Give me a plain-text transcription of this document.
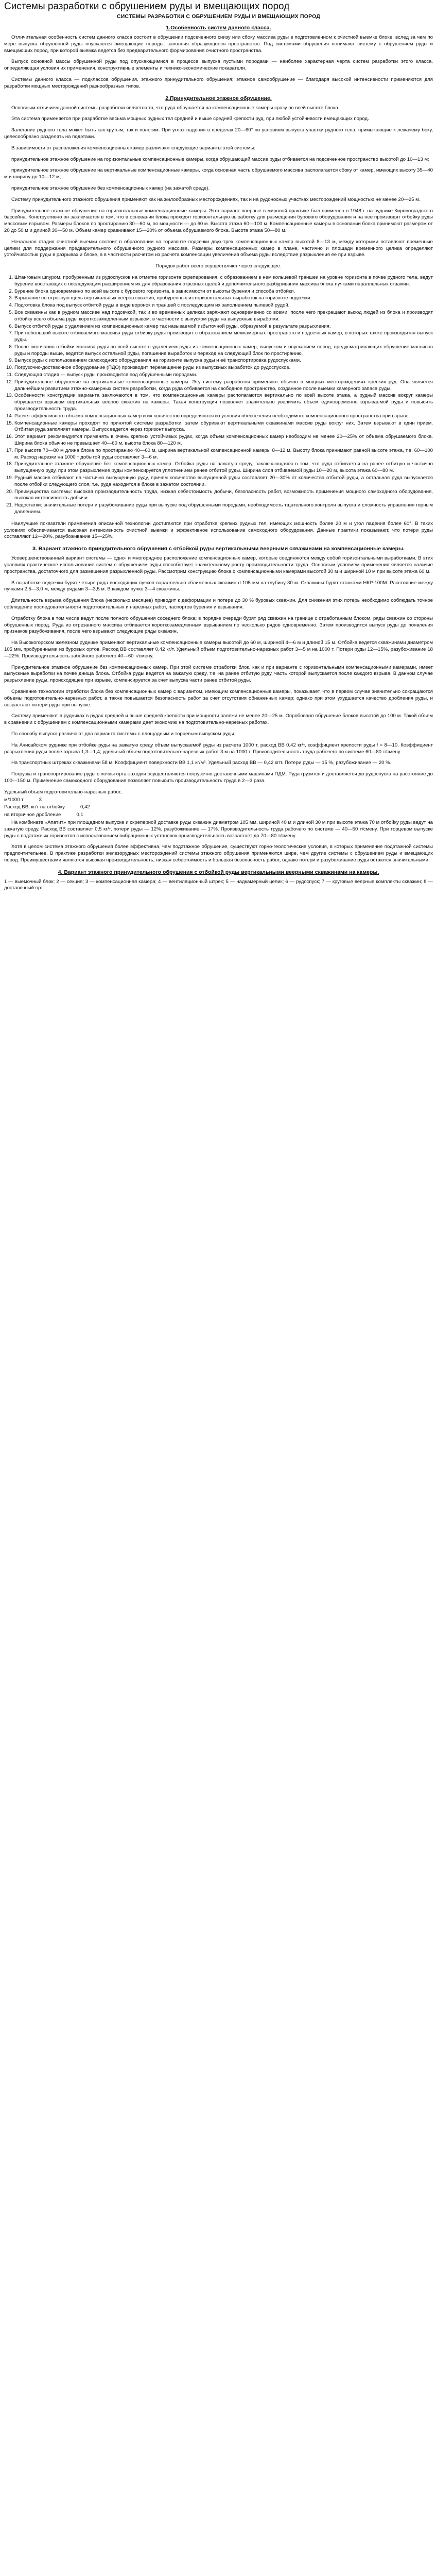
Системы разработки с обрушением руды и вмещающих пород
СИСТЕМЫ РАЗРАБОТКИ С ОБРУШЕНИЕМ РУДЫ И ВМЕЩАЮЩИХ ПОРОД
1.Особенность систем данного класса.

Отличительная особенность систем данного класса состоит в обрушении подсеченного снизу или сбоку массива руды в подготовленном к очистной выемке блоке, вслед за чем по мере выпуска обрушенной руды опускаются вмещающие породы, заполняя образующееся пространство. Под системами обрушения понимают систему с обрушением руды и вмещающих пород, при которой выемка ведется без предварительного формирования очистного пространства.

Выпуск основной массы обрушенной руды под опускающимися в процессе выпуска пустыми породами — наиболее характерная черта систем разработки этого класса, определяющая условия их применения, конструктивные элементы и технико-экономические показатели.

Системы данного класса — подклассов обрушения, этажного принудительного обрушения; этажное самообрушение — благодаря высокой интенсивности применяются для разработки мощных месторождений разнообразных типов.

2.Принудительное этажное обрушение.

Основным отличием данной системы разработки является то, что руда обрушается на компенсационные камеры сразу по всей высоте блока.

Эта система применяется при разработке весьма мощных рудных тел средней и выше средней крепости руд, при любой устойчивости вмещающих пород.

Залегание рудного тела может быть как крутым, так и пологим. При углах падения в пределах 20—60° по условиям выпуска участки рудного тела, примыкающие к лежачему боку, целесообразно разделять на подэтажи.

В зависимости от расположения компенсационных камер различают следующие варианты этой системы:

принудительное этажное обрушение на горизонтальные компенсационные камеры, когда обрушающий массив руды отбивается на подсеченное пространство высотой до 10—13 м;

принудительное этажное обрушение на вертикальные компенсационные камеры, когда основная часть обрушаемого массива располагается сбоку от камер, имеющих высоту 35—40 м и ширину до 10—12 м;

принудительное этажное обрушение без компенсационных камер (на зажатой среде).

Систему принудительного этажного обрушения применяют как на жилообразных месторождениях, так и на рудоносных участках месторождений мощностью не менее 20—25 м.

Принудительное этажное обрушение на горизонтальные компенсационные камеры. Этот вариант впервые в мировой практике был применен в 1948 г. на руднике Кировоградского бассейна. Конструктивно он заключается в том, что в основании блока проходят горизонтальную выработку для размещения бурового оборудования и на нее производят отбойку руды массовым взрывом. Размеры блоков по простиранию 30—60 м, по мощности — до 60 м. Высота этажа 60—100 м. Компенсационные камеры в основании блока принимают размером от 20 до 50 м и длиной 30—50 м. Объем камер сравнивают 15—20% от объема обрушаемого блока. Высота этажа 50—80 м.

Начальная стадия очистной выемки состоит в образовании на горизонте подсечки двух-трех компенсационных камер высотой 8—13 м, между которыми оставляют временные целики для поддержания предварительного обрушенного рудного массива. Размеры компенсационных камер в плане, частично и площади временного целика определяют устойчивостью руды в разрывах и блоке, а в частности расчетом из расчета компенсации увеличения объема руды вследствие разрыхления ее при взрыве.

Порядок работ всего осуществляют через следующее:

1. Штанговым шпуром, пробуренным из рудоспусков на отметке горизонта скреперования, с образованием в нем кольцевой траншеи на уровне горизонта в почве рудного тела, ведут бурение восстающих с последующим расширением их для образования отрезных щелей и дополнительного разбуривания массива блока пучками параллельных скважин.
2. Бурение блока одновременно по всей высоте с бурового горизонта, в зависимости от высоты бурения и способа отбойки.
3. Взрывание по отрезную щель вертикальных вееров скважин, пробуренных из горизонтальных выработок на горизонте подсечки.
4. Подготовка блока под выпуск отбитой руды в виде воронок и траншей с последующим их заполнением пылевой рудой.
5. Все скважины как в рудном массиве над подсечкой, так и во временных целиках заряжают одновременно со всеми, после чего прекращают выход людей из блока и производят отбойку всего объема руды короткозамедленным взрывом, в частности с выпуском руды на выпускные выработки.
6. Выпуск отбитой руды с удалением из компенсационных камер так называемой избыточной руды, образуемой в результате разрыхления.
7. При небольшой высоте отбиваемого массива руды отбивку руды производят с образованием межкамерных пространств и подсечных камер, в которых также производится выпуск руды.
8. После окончания отбойки массива руды по всей высоте с удалением руды из компенсационных камер, выпуском и опусканием пород, предусматривающих обрушение массивов руды и породы выше, ведется выпуск остальной руды, погашение выработок и переход на следующий блок по простиранию.
9. Выпуск руды с использованием самоходного оборудования на горизонте выпуска руды и её транспортировка рудоспусками.
10. Погрузочно-доставочное оборудование (ПДО) производит перемещение руды из выпускных выработок до рудоспусков.
11. Следующая стадия — выпуск руды производится под обрушенными породами.
12. Принудительное обрушение на вертикальные компенсационные камеры. Эту систему разработки применяют обычно в мощных месторождениях крепких руд. Она является дальнейшим развитием этажно-камерных систем разработки, когда руда отбивается на свободное пространство, созданное после выемки камерного запаса руды.
13. Особенности конструкции варианта заключаются в том, что компенсационные камеры располагаются вертикально по всей высоте этажа, а рудный массив вокруг камеры обрушается взрывом вертикальных вееров скважин на камеры. Такая конструкция позволяет значительно увеличить объем единовременно взрываемой руды и повысить производительность труда.
14. Расчет эффективного объема компенсационных камер и их количество определяются из условия обеспечения необходимого компенсационного пространства при взрыве.
15. Компенсационные камеры проходят по принятой системе разработки, затем обуривают вертикальными скважинами массив руды вокруг них. Затем взрывают в один прием. Отбитая руда заполняет камеры. Выпуск ведется через горизонт выпуска.
16. Этот вариант рекомендуется применять в очень крепких устойчивых рудах, когда объем компенсационных камер необходим не менее 20—25% от объема обрушаемого блока. Ширина блока обычно не превышает 40—60 м, высота блока 80—120 м.
17. При высоте 70—80 м длина блока по простиранию 40—60 м, ширина вертикальной компенсационной камеры 8—12 м. Высоту блока принимают равной высоте этажа, т.е. 60—100 м. Расход нарезки на 1000 т добытой руды составляет 3—6 м.
18. Принудительное этажное обрушение без компенсационных камер. Отбойка руды на зажатую среду, заключающаяся в том, что руда отбивается на ранее отбитую и частично выпущенную руду, при этом разрыхление руды компенсируется уплотнением ранее отбитой руды. Ширина слоя отбиваемой руды 10—20 м, высота этажа 60—80 м.
19. Рудный массив отбивают на частично выпущенную руду, причем количество выпущенной руды составляет 20—30% от количества отбитой руды, а остальная руда выпускается после отбойки следующего слоя, т.е. руда находится в блоке в зажатом состоянии.
20. Преимущества системы: высокая производительность труда, низкая себестоимость добычи, безопасность работ, возможность применения мощного самоходного оборудования, высокая интенсивность добычи.
21. Недостатки: значительные потери и разубоживание руды при выпуске под обрушенными породами, необходимость тщательного контроля выпуска и сложность управления горным давлением.

Наилучшие показатели применения описанной технологии достигаются при отработке крепких рудных тел, имеющих мощность более 20 м и угол падения более 60°. В таких условиях обеспечивается высокая интенсивность очистной выемки и эффективное использование самоходного оборудования. Данные практики показывают, что потери руды составляют 12—20%, разубоживание 15—25%.

3. Вариант этажного принудительного обрушения с отбойкой руды вертикальными веерными скважинами на компенсационные камеры.

Усовершенствованный вариант системы — одно- и многорядное расположение компенсационных камер, которые соединяются между собой горизонтальными выработками. В этих условиях практическое использование систем с обрушением руды способствует значительному росту производительности труда. Основным условием применения является наличие пространства, достаточного для размещения разрыхленной руды. Рассмотрим конструкцию блока с компенсационными камерами высотой 30 м и шириной 10 м при высоте этажа 60 м.

В выработке подсечки бурят четыре ряда восходящих пучков параллельно сближенных скважин d 105 мм на глубину 30 м. Скважины бурят станками НКР-100М. Расстояние между пучками 2,5—3,0 м, между рядами 3—3,5 м. В каждом пучке 3—4 скважины.

Длительность взрыва обрушения блока (несколько месяцев) приводит к деформации и потере до 30 % буровых скважин. Для снижения этих потерь необходимо соблюдать точное соблюдение последовательности подготовительных и нарезных работ, паспортов бурения и взрывания.

Отработку блока в том числе ведут после полного обрушения соседнего блока; в порядке очереди бурят ряд скважин на границе с отработанным блоком, ряды скважин со стороны обрушенных пород. Руда из отрезанного массива отбивается короткозамедленным взрыванием по несколько рядов одновременно. Затем производится выпуск руды до появления признаков разубоживания, после чего взрывают следующие ряды скважин.

На Высокогорском железном руднике применяют вертикальные компенсационные камеры высотой до 60 м, шириной 4—6 м и длиной 15 м. Отбойка ведется скважинами диаметром 105 мм, пробуренными из буровых ортов. Расход ВВ составляет 0,42 кг/т. Удельный объем подготовительно-нарезных работ 3—5 м на 1000 т. Потери руды 12—15%, разубоживание 18—22%. Производительность забойного рабочего 40—60 т/смену.

Принудительное этажное обрушение без компенсационных камер. При этой системе отработки блок, как и при варианте с горизонтальными компенсационными камерами, имеет выпускные выработки на почве днища блока. Отбойка руды ведется на зажатую среду, т.е. на ранее отбитую руду, часть которой выпускается после каждого взрыва. В данном случае разрыхление руды, происходящее при взрыве, компенсируется за счет выпуска части ранее отбитой руды.

Сравнение технологии отработки блока без компенсационных камер с вариантом, имеющим компенсационные камеры, показывает, что в первом случае значительно сокращаются объемы подготовительно-нарезных работ, а также повышается безопасность работ за счет отсутствия обнаженных камер; однако при этом ухудшается качество дробления руды, и возрастают потери руды при выпуске.

Систему применяют в рудниках в рудах средней и выше средней крепости при мощности залежи не менее 20—25 м. Опробовано обрушение блоков высотой до 100 м. Такой объем в сравнении с обрушением с компенсационными камерами дает экономию на подготовительно-нарезных работах.

По способу выпуска различают два варианта системы с площадным и торцевым выпуском руды.

На Ачисайском руднике при отбойке руды на зажатую среду объем выпускаемой руды из расчета 1000 т, расход ВВ 0,42 кг/т, коэффициент крепости руды f = 8—10. Коэффициент разрыхления руды после взрыва 1,3—1,4; удельный объем подготовительно-нарезных работ 3 м на 1000 т. Производительность труда рабочего по системе 60—80 т/смену.

На транспортных штреках скважинами 58 м. Коэффициент поверхности ВВ 1,1 кг/м³. Удельный расход ВВ — 0,42 кг/т. Потери руды — 15 %, разубоживание — 20 %.

Погрузка и транспортирование руды с почвы орта-заходки осуществляются погрузочно-доставочными машинами ПДМ. Руда грузится и доставляется до рудоспуска на расстояние до 100—150 м. Применение самоходного оборудования позволяет повысить производительность труда в 2—3 раза.

Удельный объем подготовительно-нарезных работ,
м/1000 т	3
Расход ВВ, кг/т на отбойку	0,42
на вторичное дробление	0,1

На комбинате «Апатит» при площадном выпуске и скреперной доставке руды скважин диаметром 105 мм, шириной 40 м и длиной 30 м при высоте этажа 70 м отбойку руды ведут на зажатую среду. Расход ВВ составляет 0,5 кг/т, потери руды — 12%, разубоживание — 17%. Производительность труда рабочего по системе — 40—50 т/смену. При торцевом выпуске руды с подэтажных горизонтов с использованием вибрационных установок производительность возрастает до 70—80 т/смену.

Хотя в целом система этажного обрушения более эффективна, чем подэтажное обрушение, существуют горно-геологические условия, в которых применение подэтажной системы предпочтительнее. В практике разработки железорудных месторождений системы этажного обрушения применяются шире, чем другие системы с обрушением руды и вмещающих пород. Преимуществами являются высокая производительность, низкая себестоимость и большая безопасность работ, однако потери и разубоживание руды остаются значительными.

4. Вариант этажного принудительного обрушения с отбойкой руды вертикальными веерными скважинами на камеры.

1 — выемочный блок; 2 — секция; 3 — компенсационная камера; 4 — вентиляционный штрек; 5 — надкамерный целик; 6 — рудоспуск; 7 — круговые веерные комплекты скважин; 8 — доставочный орт.
